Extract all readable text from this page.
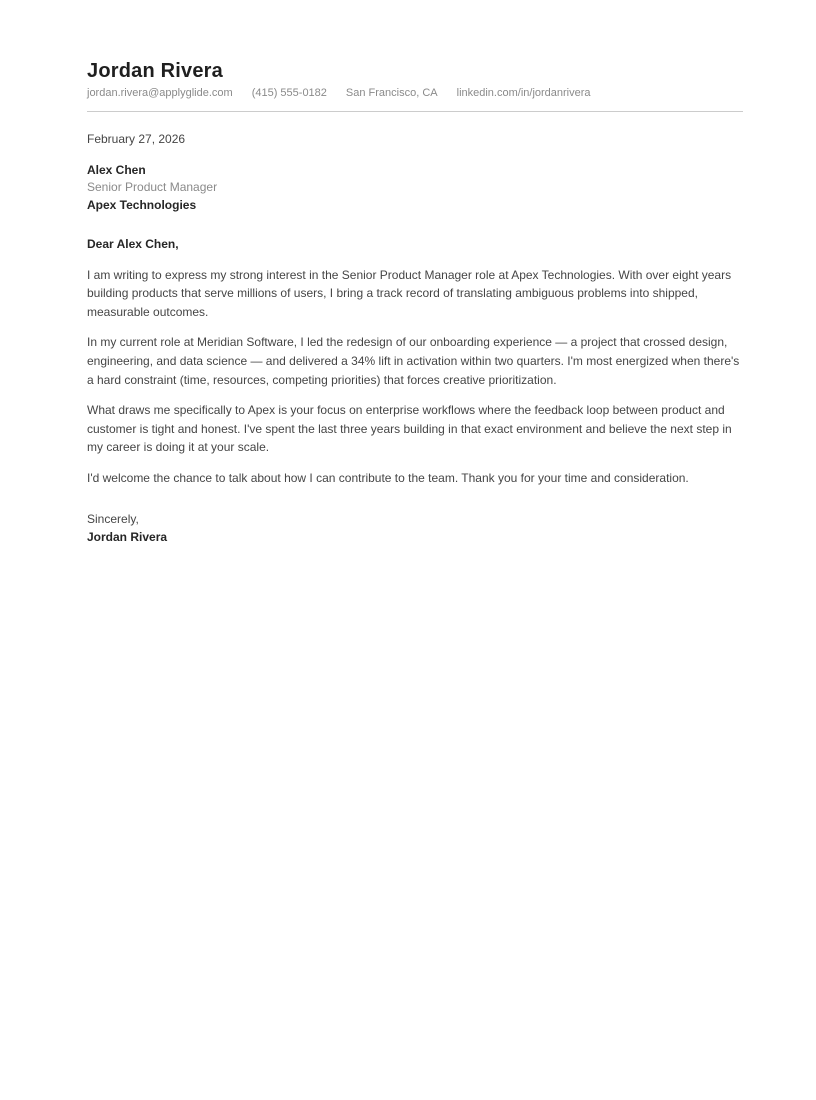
Jordan Rivera
jordan.rivera@applyglide.com (415) 555-0182 San Francisco, CA linkedin.com/in/jordanrivera

February 27, 2026

Alex Chen

Senior Product Manager

Apex Technologies

Dear Alex Chen,

I am writing to express my strong interest in the Senior Product Manager role at Apex Technologies. With over eight years building products that serve millions of users, I bring a track record of translating ambiguous problems into shipped, measurable outcomes.

In my current role at Meridian Software, I led the redesign of our onboarding experience — a project that crossed design, engineering, and data science — and delivered a 34% lift in activation within two quarters. I'm most energized when there's a hard constraint (time, resources, competing priorities) that forces creative prioritization.

What draws me specifically to Apex is your focus on enterprise workflows where the feedback loop between product and customer is tight and honest. I've spent the last three years building in that exact environment and believe the next step in my career is doing it at your scale.

I'd welcome the chance to talk about how I can contribute to the team. Thank you for your time and consideration.

Sincerely,

Jordan Rivera
